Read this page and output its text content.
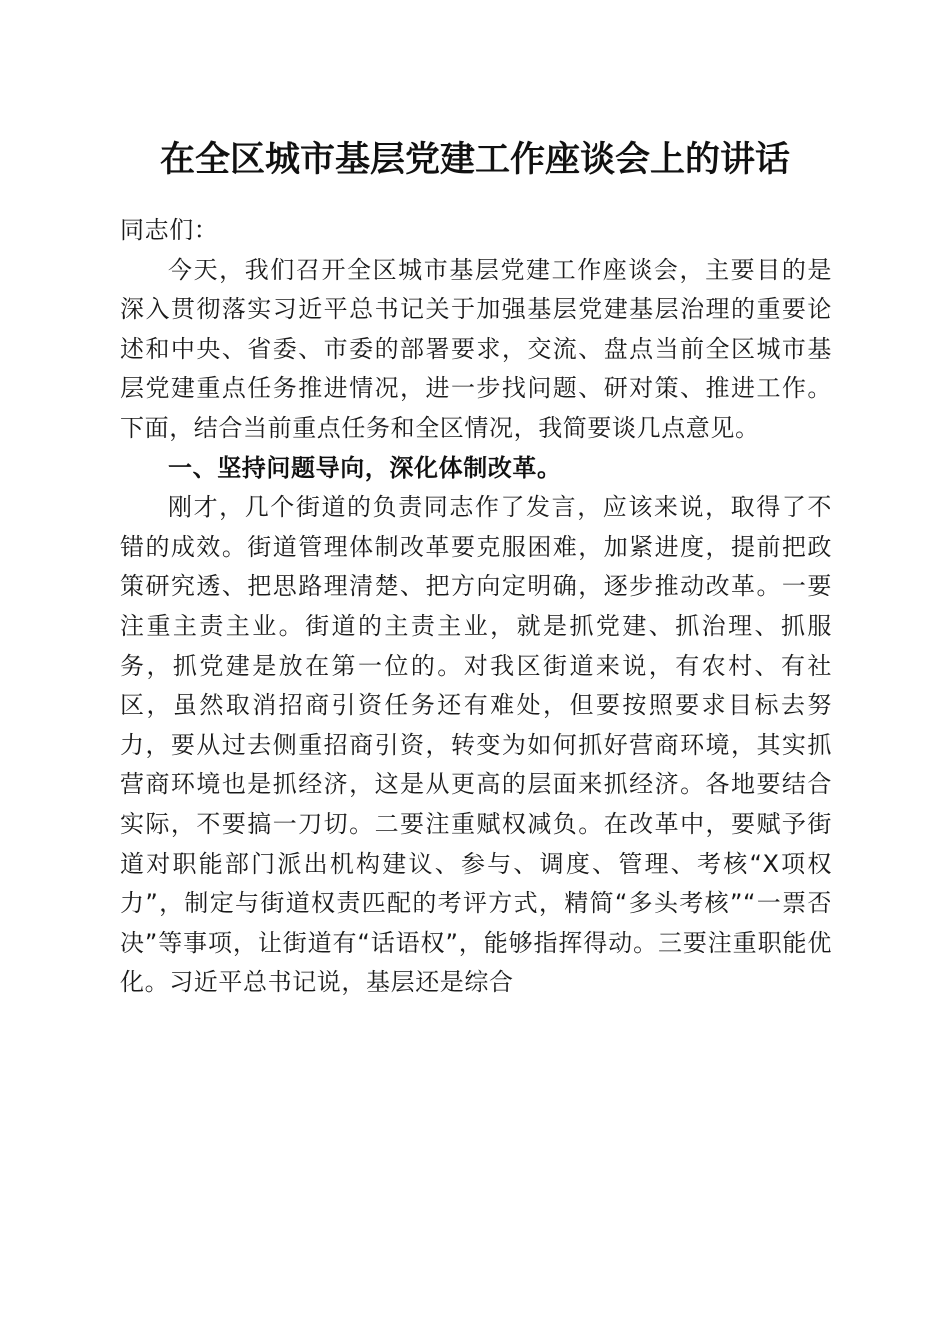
在全区城市基层党建工作座谈会上的讲话

同志们：

今天，我们召开全区城市基层党建工作座谈会，主要目的是深入贯彻落实习近平总书记关于加强基层党建基层治理的重要论述和中央、省委、市委的部署要求，交流、盘点当前全区城市基层党建重点任务推进情况，进一步找问题、研对策、推进工作。下面，结合当前重点任务和全区情况，我简要谈几点意见。

一、坚持问题导向，深化体制改革。

刚才，几个街道的负责同志作了发言，应该来说，取得了不错的成效。街道管理体制改革要克服困难，加紧进度，提前把政策研究透、把思路理清楚、把方向定明确，逐步推动改革。一要注重主责主业。街道的主责主业，就是抓党建、抓治理、抓服务，抓党建是放在第一位的。对我区街道来说，有农村、有社区，虽然取消招商引资任务还有难处，但要按照要求目标去努力，要从过去侧重招商引资，转变为如何抓好营商环境，其实抓营商环境也是抓经济，这是从更高的层面来抓经济。各地要结合实际，不要搞一刀切。二要注重赋权减负。在改革中，要赋予街道对职能部门派出机构建议、参与、调度、管理、考核“X项权力”，制定与街道权责匹配的考评方式，精简“多头考核”“一票否决”等事项，让街道有“话语权”，能够指挥得动。三要注重职能优化。习近平总书记说，基层还是综合
